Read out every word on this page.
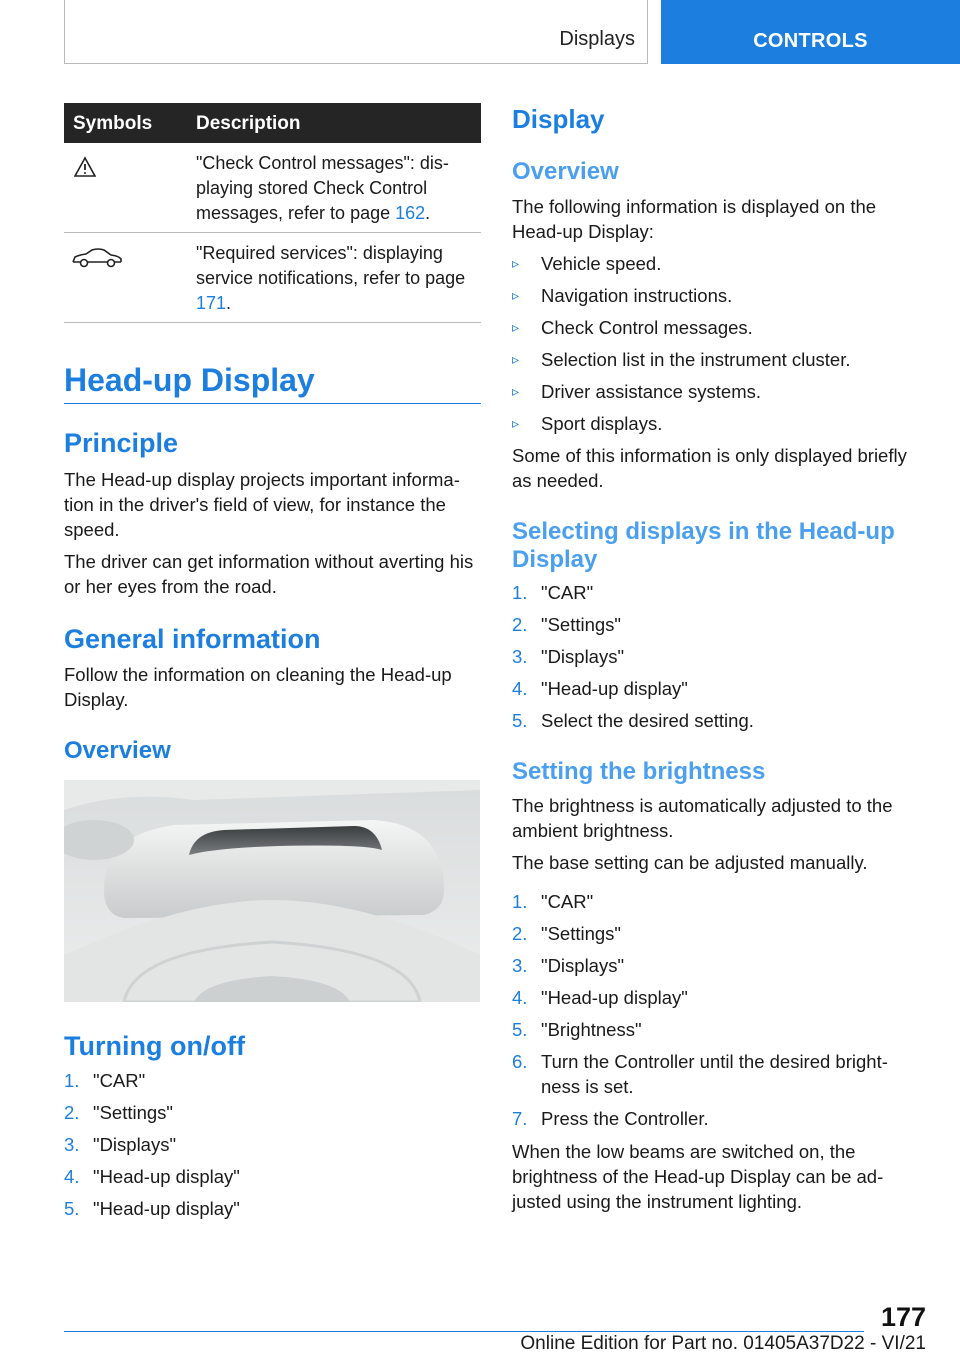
Displays	CONTROLS
Symbols Description
"Check Control messages": dis‐ playing stored Check Control messages, refer to page 162.
"Required services": displaying service notifications, refer to page 171.
Head-up Display
Principle
The Head-up display projects important informa‐ tion in the driver's field of view, for instance the speed.
The driver can get information without averting his or her eyes from the road.
General information
Follow the information on cleaning the Head-up Display.
Overview
Turning on/off
1. "CAR"
2. "Settings"
3. "Displays"
4. "Head-up display"
5. "Head-up display"
Display
Overview
The following information is displayed on the Head-up Display:
▹ Vehicle speed.
▹ Navigation instructions.
▹ Check Control messages.
▹ Selection list in the instrument cluster.
▹ Driver assistance systems.
▹ Sport displays.
Some of this information is only displayed briefly as needed.
Selecting displays in the Head-up Display
1. "CAR"
2. "Settings"
3. "Displays"
4. "Head-up display"
5. Select the desired setting.
Setting the brightness
The brightness is automatically adjusted to the ambient brightness.
The base setting can be adjusted manually.
1. "CAR"
2. "Settings"
3. "Displays"
4. "Head-up display"
5. "Brightness"
6. Turn the Controller until the desired bright‐ ness is set.
7. Press the Controller.
When the low beams are switched on, the brightness of the Head-up Display can be ad‐ justed using the instrument lighting.
177
Online Edition for Part no. 01405A37D22 - VI/21
